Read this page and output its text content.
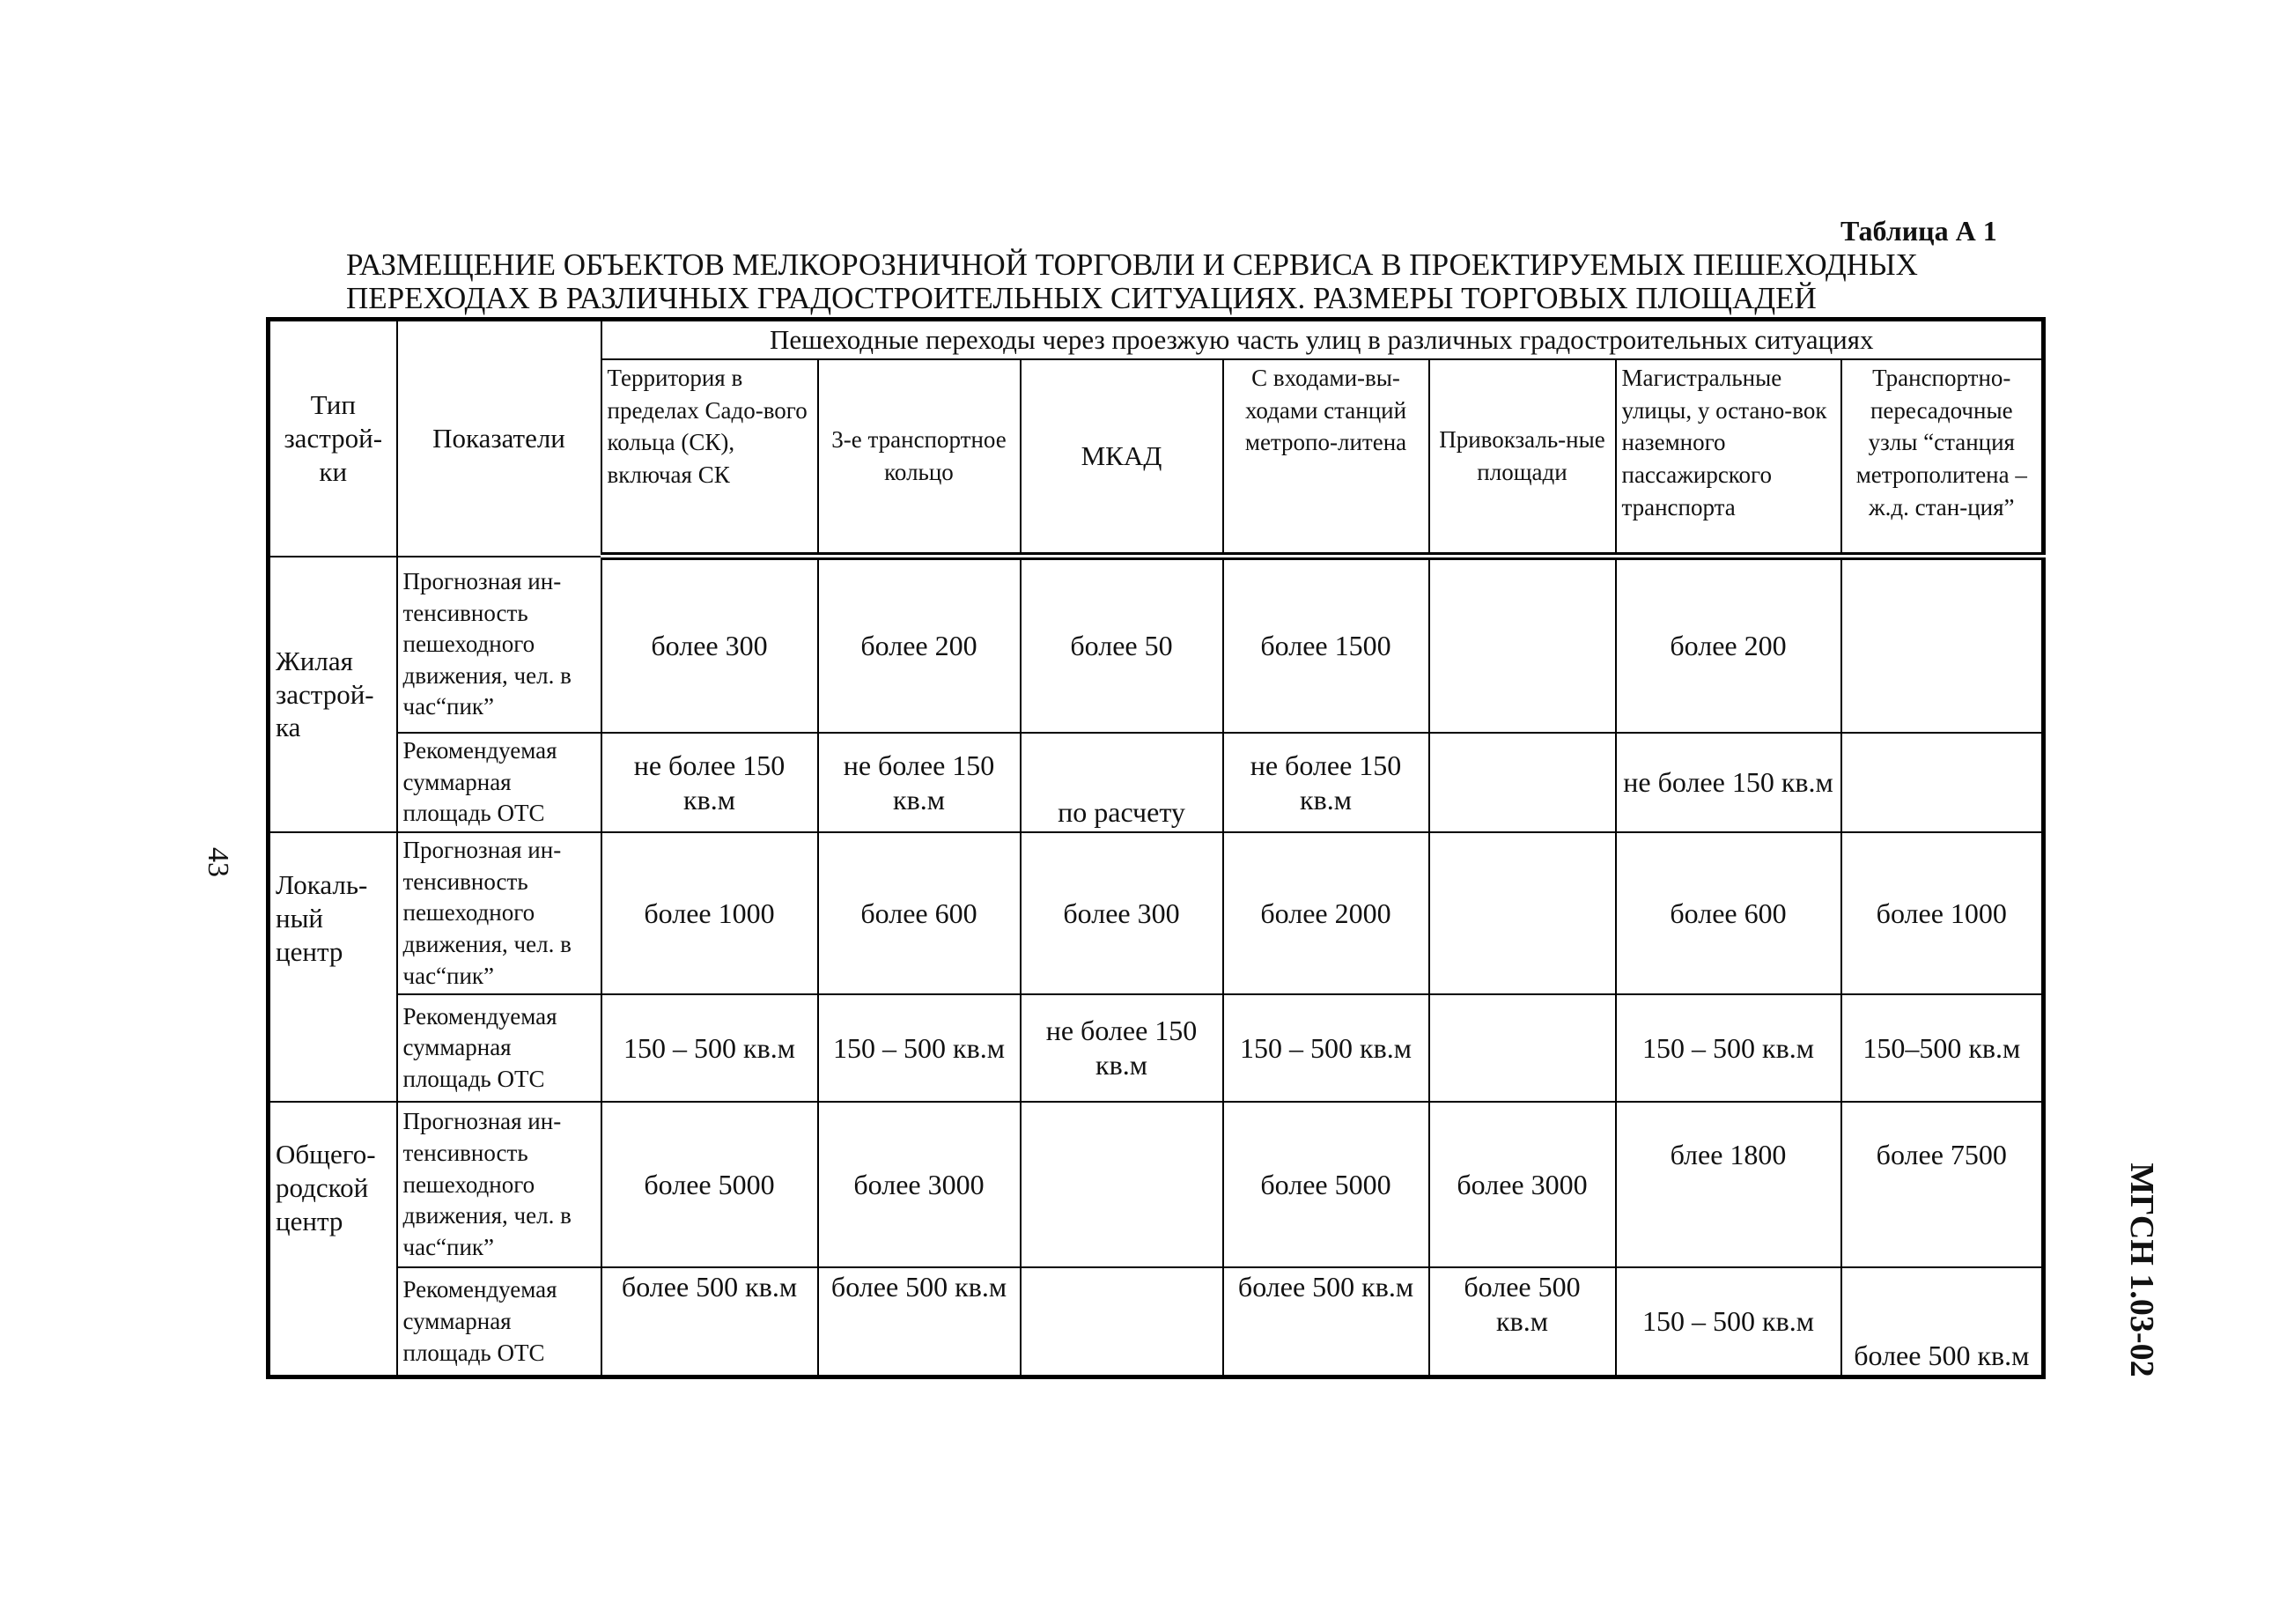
Таблица А 1
РАЗМЕЩЕНИЕ ОБЪЕКТОВ МЕЛКОРОЗНИЧНОЙ ТОРГОВЛИ И СЕРВИСА В ПРОЕКТИРУЕМЫХ ПЕШЕХОДНЫХ
ПЕРЕХОДАХ В РАЗЛИЧНЫХ ГРАДОСТРОИТЕЛЬНЫХ СИТУАЦИЯХ. РАЗМЕРЫ ТОРГОВЫХ ПЛОЩАДЕЙ
43
МГСН 1.03-02
Тип застрой-ки	Показатели	Пешеходные переходы через проезжую часть улиц в различных градостроительных ситуациях						
		Территория в пределах Садо-вого кольца (СК), включая СК	3-е транспортное кольцо	МКАД	С входами-вы-ходами станций метропо-литена	Привокзаль-ные площади	Магистральные улицы, у остано-вок наземного пассажирского транспорта	Транспортно-пересадочные узлы “станция метрополитена – ж.д. стан-ция”
Жилая застрой-ка	Прогнозная ин-тенсивность пешеходного движения, чел. в час“пик”	более 300	более 200	более 50	более 1500		более 200	
	Рекомендуемая суммарная площадь ОТС	не более 150 кв.м	не более 150 кв.м	по расчету	не более 150 кв.м		не более 150 кв.м	
Локаль-ный центр	Прогнозная ин-тенсивность пешеходного движения, чел. в час“пик”	более 1000	более 600	более 300	более 2000		более 600	более 1000
	Рекомендуемая суммарная площадь ОТС	150 – 500 кв.м	150 – 500 кв.м	не более 150 кв.м	150 – 500 кв.м		150 – 500 кв.м	150–500 кв.м
Общего-родской центр	Прогнозная ин-тенсивность пешеходного движения, чел. в час“пик”	более 5000	более 3000		более 5000	более 3000	блее 1800	более 7500
	Рекомендуемая суммарная площадь ОТС	более 500 кв.м	более 500 кв.м		более 500 кв.м	более 500 кв.м	150 – 500 кв.м	более 500 кв.м
